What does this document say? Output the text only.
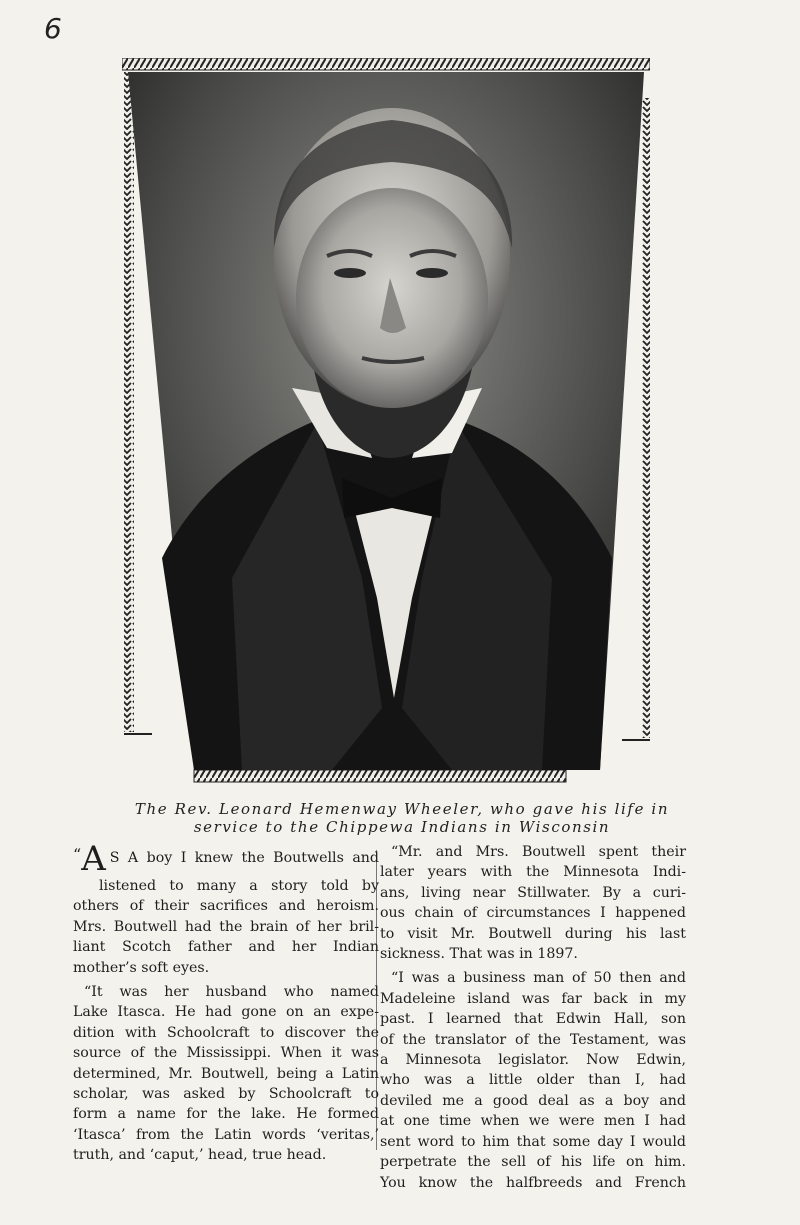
6
The Rev. Leonard Hemenway Wheeler, who gave his life in
service to the Chippewa Indians in Wisconsin
“A S A boy I knew the Boutwells and
listened to many a story told by
others of their sacrifices and heroism.
Mrs. Boutwell had the brain of her bril-
liant Scotch father and her Indian
mother’s soft eyes.
“It was her husband who named
Lake Itasca. He had gone on an expe-
dition with Schoolcraft to discover the
source of the Mississippi. When it was
determined, Mr. Boutwell, being a Latin
scholar, was asked by Schoolcraft to
form a name for the lake. He formed
‘Itasca’ from the Latin words ‘veritas,’
truth, and ‘caput,’ head, true head.
“Mr. and Mrs. Boutwell spent their
later years with the Minnesota Indi-
ans, living near Stillwater. By a curi-
ous chain of circumstances I happened
to visit Mr. Boutwell during his last
sickness. That was in 1897.
“I was a business man of 50 then and
Madeleine island was far back in my
past. I learned that Edwin Hall, son
of the translator of the Testament, was
a Minnesota legislator. Now Edwin,
who was a little older than I, had
deviled me a good deal as a boy and
at one time when we were men I had
sent word to him that some day I would
perpetrate the sell of his life on him.
You know the halfbreeds and French
